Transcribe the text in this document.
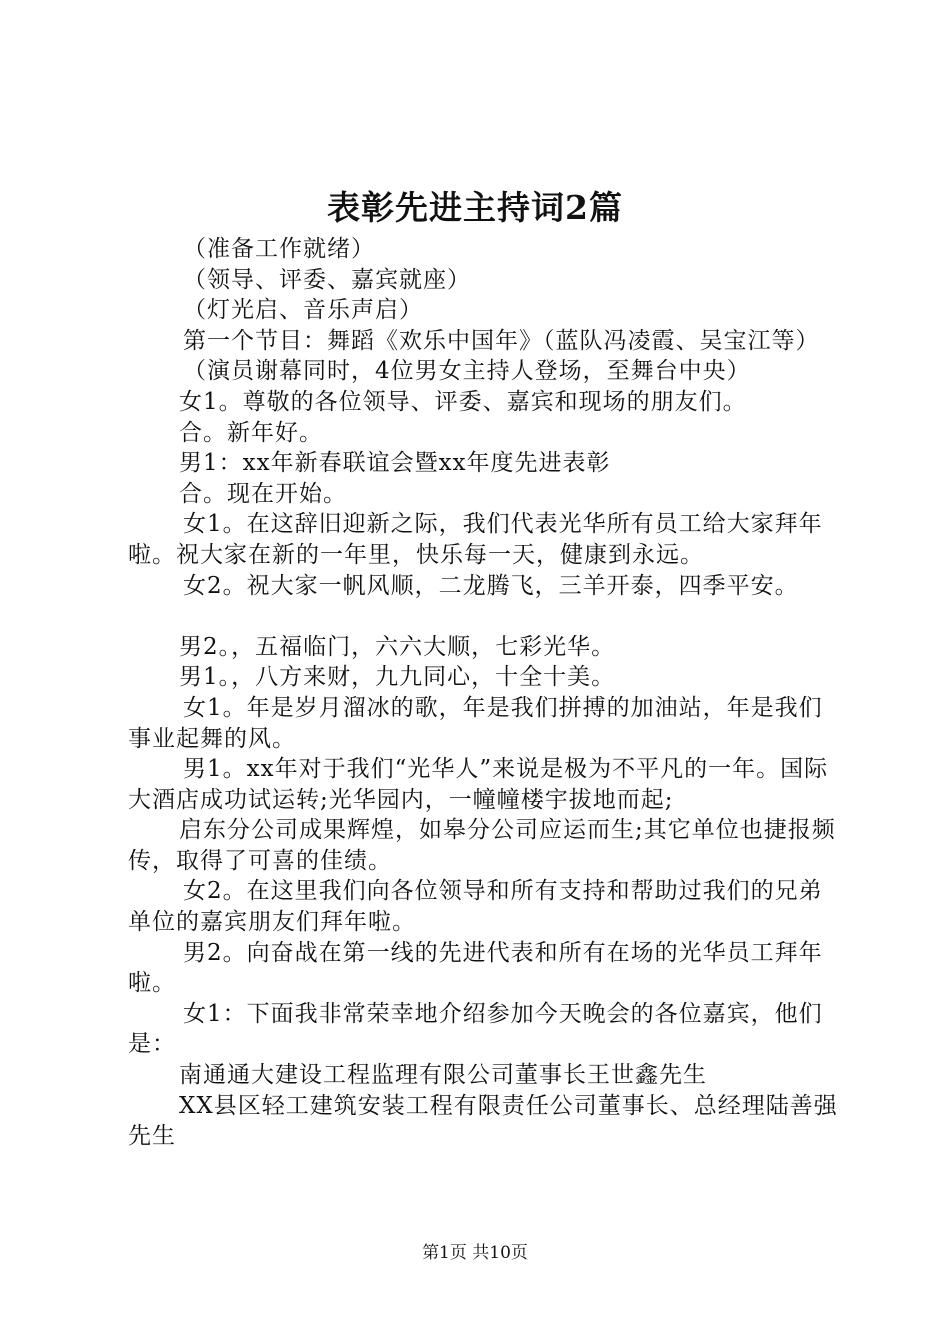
表彰先进主持词2篇

（准备工作就绪）

（领导、评委、嘉宾就座）

（灯光启、音乐声启）

第一个节目：舞蹈《欢乐中国年》（蓝队冯凌霞、吴宝江等）

（演员谢幕同时，4位男女主持人登场，至舞台中央）

女1。尊敬的各位领导、评委、嘉宾和现场的朋友们。

合。新年好。

男1：xx年新春联谊会暨xx年度先进表彰

合。现在开始。

女1。在这辞旧迎新之际，我们代表光华所有员工给大家拜年啦。祝大家在新的一年里，快乐每一天，健康到永远。

女2。祝大家一帆风顺，二龙腾飞，三羊开泰，四季平安。

男2。，五福临门，六六大顺，七彩光华。

男1。，八方来财，九九同心，十全十美。

女1。年是岁月溜冰的歌，年是我们拼搏的加油站，年是我们事业起舞的风。

男1。xx年对于我们“光华人”来说是极为不平凡的一年。国际大酒店成功试运转;光华园内，一幢幢楼宇拔地而起;

启东分公司成果辉煌，如皋分公司应运而生;其它单位也捷报频传，取得了可喜的佳绩。

女2。在这里我们向各位领导和所有支持和帮助过我们的兄弟单位的嘉宾朋友们拜年啦。

男2。向奋战在第一线的先进代表和所有在场的光华员工拜年啦。

女1：下面我非常荣幸地介绍参加今天晚会的各位嘉宾，他们是：

南通通大建设工程监理有限公司董事长王世鑫先生

XX县区轻工建筑安装工程有限责任公司董事长、总经理陆善强先生

第1页 共10页
